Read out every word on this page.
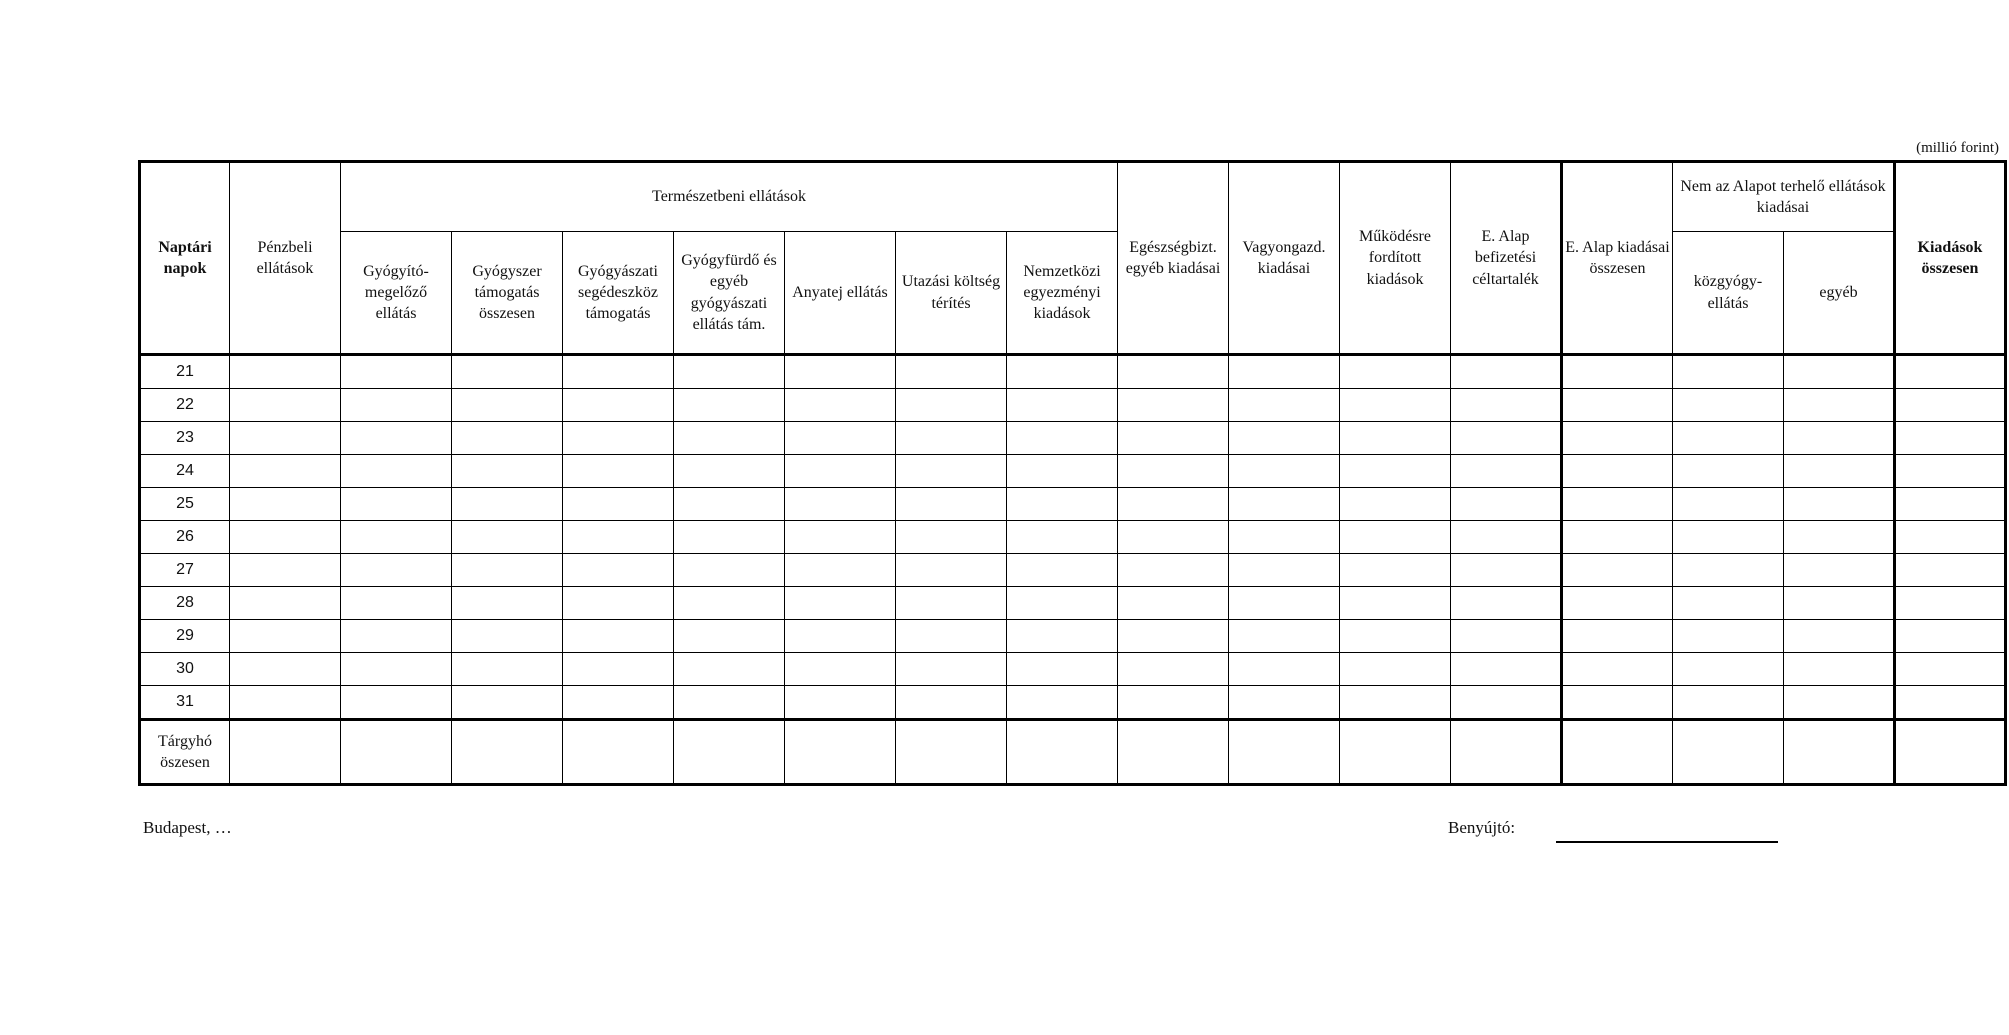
(millió forint)
Naptári napok	Pénzbeli ellátások	Természetbeni ellátások							Egészségbizt. egyéb kiadásai	Vagyongazd. kiadásai	Működésre fordított kiadások	E. Alap befizetési céltartalék	E. Alap kiadásai összesen	Nem az Alapot terhelő ellátások kiadásai		Kiadások összesen
		Gyógyító-megelőző ellátás	Gyógyszer támogatás összesen	Gyógyászati segédeszköz támogatás	Gyógyfürdő és egyéb gyógyászati ellátás tám.	Anyatej ellátás	Utazási költség térítés	Nemzetközi egyezményi kiadások						közgyógy-ellátás	egyéb	
21																
22																
23																
24																
25																
26																
27																
28																
29																
30																
31																
Tárgyhó öszesen																
Budapest, …	Benyújtó:
